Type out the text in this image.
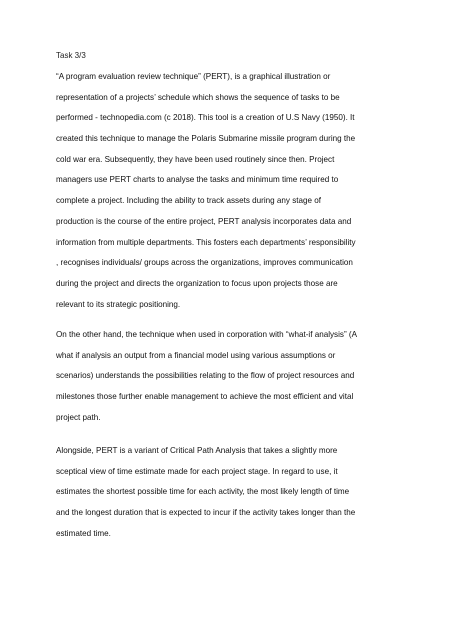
Task 3/3

“A program evaluation review technique” (PERT), is a graphical illustration or
representation of a projects’ schedule which shows the sequence of tasks to be
performed - technopedia.com (c 2018). This tool is a creation of U.S Navy (1950). It
created this technique to manage the Polaris Submarine missile program during the
cold war era. Subsequently, they have been used routinely since then. Project
managers use PERT charts to analyse the tasks and minimum time required to
complete a project. Including the ability to track assets during any stage of
production is the course of the entire project, PERT analysis incorporates data and
information from multiple departments. This fosters each departments’ responsibility
, recognises individuals/ groups across the organizations, improves communication
during the project and directs the organization to focus upon projects those are
relevant to its strategic positioning.

On the other hand, the technique when used in corporation with “what-if analysis” (A
what if analysis an output from a financial model using various assumptions or
scenarios) understands the possibilities relating to the flow of project resources and
milestones those further enable management to achieve the most efficient and vital
project path.

Alongside, PERT is a variant of Critical Path Analysis that takes a slightly more
sceptical view of time estimate made for each project stage. In regard to use, it
estimates the shortest possible time for each activity, the most likely length of time
and the longest duration that is expected to incur if the activity takes longer than the
estimated time.
